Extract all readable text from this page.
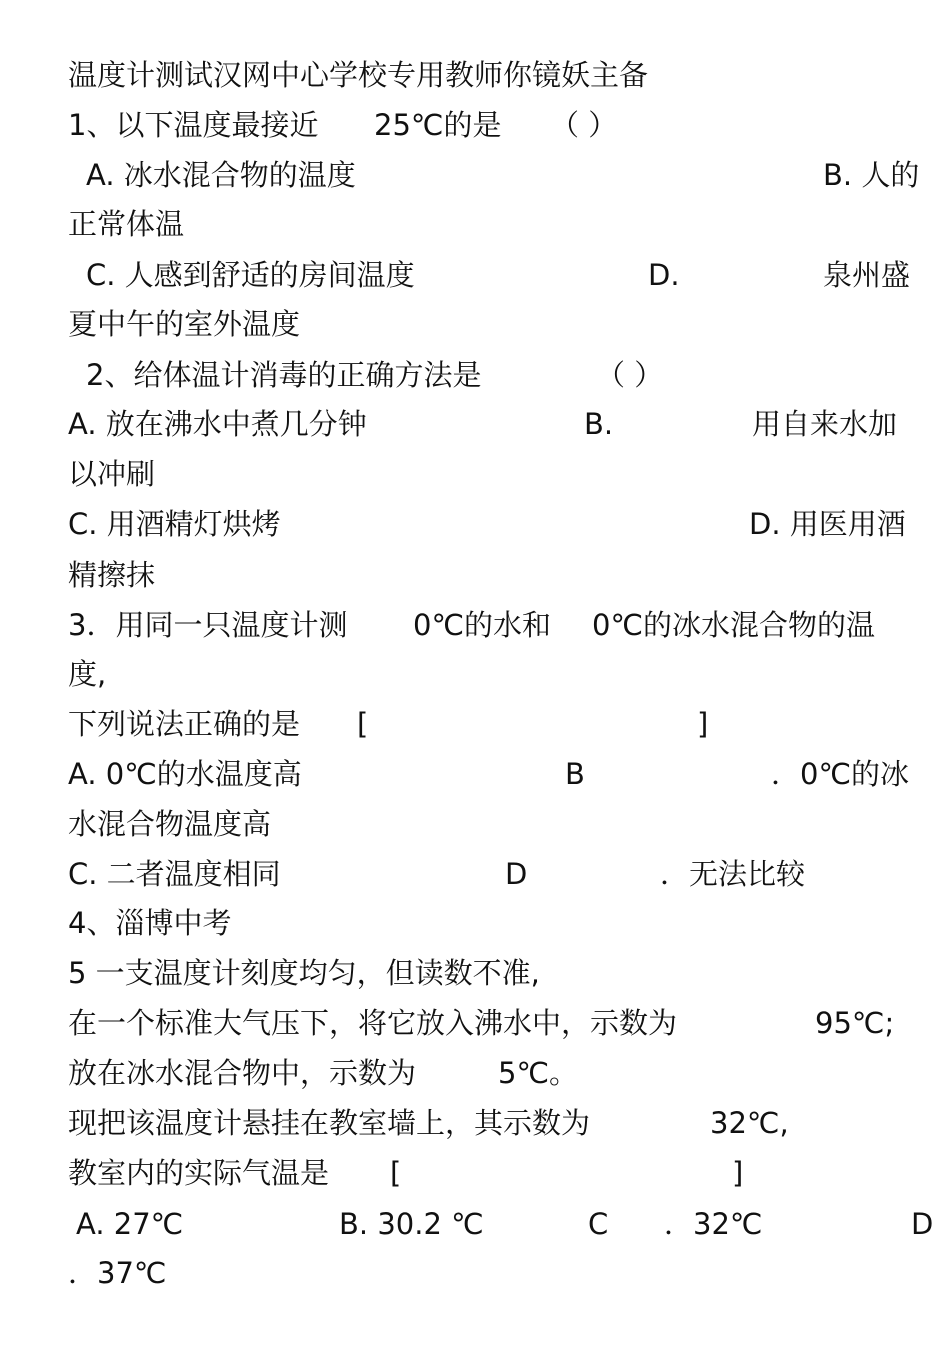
温度计测试汉网中心学校专用教师你镜妖主备
1、以下温度最接近 25℃的是 （ ）
A. 冰水混合物的温度	B. 人的
正常体温
C. 人感到舒适的房间温度	D.	泉州盛
夏中午的室外温度
2、给体温计消毒的正确方法是	（ ）
A. 放在沸水中煮几分钟	B.	用自来水加
以冲刷
C. 用酒精灯烘烤	D. 用医用酒
精擦抹
3．用同一只温度计测 0℃的水和 0℃的冰水混合物的温
度,
下列说法正确的是 [	]
A. 0℃的水温度高	B	．0℃的冰
水混合物温度高
C. 二者温度相同	D	．无法比较
4、淄博中考
5 一支温度计刻度均匀，但读数不准,
在一个标准大气压下，将它放入沸水中，示数为	95℃;
放在冰水混合物中，示数为	5℃。
现把该温度计悬挂在教室墙上，其示数为	32℃,
教室内的实际气温是 [	]
A. 27℃	B. 30.2 ℃	C ．32℃	D
．37℃
